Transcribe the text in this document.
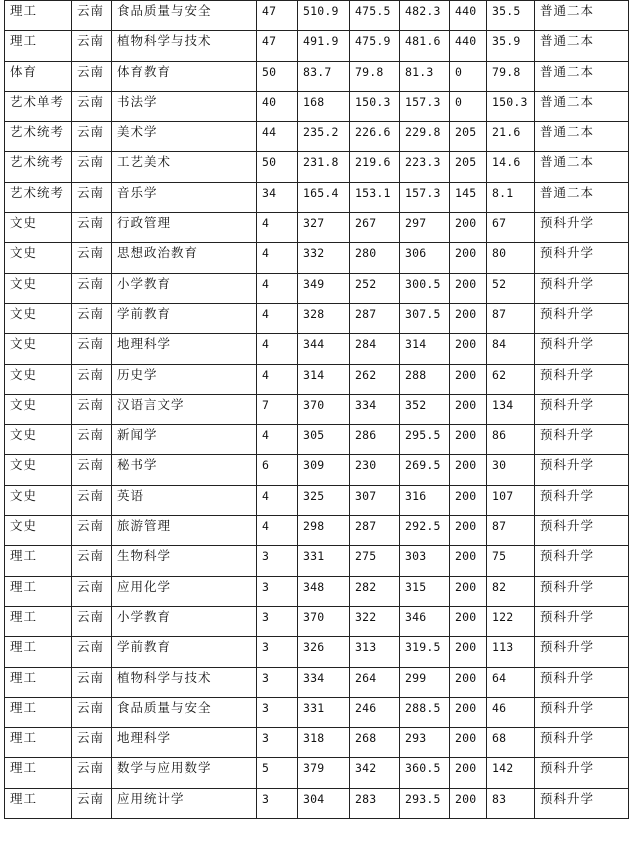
理工	云南	食品质量与安全	47	510.9	475.5	482.3	440	35.5	普通二本
理工	云南	植物科学与技术	47	491.9	475.9	481.6	440	35.9	普通二本
体育	云南	体育教育	50	83.7	79.8	81.3	0	79.8	普通二本
艺术单考	云南	书法学	40	168	150.3	157.3	0	150.3	普通二本
艺术统考	云南	美术学	44	235.2	226.6	229.8	205	21.6	普通二本
艺术统考	云南	工艺美术	50	231.8	219.6	223.3	205	14.6	普通二本
艺术统考	云南	音乐学	34	165.4	153.1	157.3	145	8.1	普通二本
文史	云南	行政管理	4	327	267	297	200	67	预科升学
文史	云南	思想政治教育	4	332	280	306	200	80	预科升学
文史	云南	小学教育	4	349	252	300.5	200	52	预科升学
文史	云南	学前教育	4	328	287	307.5	200	87	预科升学
文史	云南	地理科学	4	344	284	314	200	84	预科升学
文史	云南	历史学	4	314	262	288	200	62	预科升学
文史	云南	汉语言文学	7	370	334	352	200	134	预科升学
文史	云南	新闻学	4	305	286	295.5	200	86	预科升学
文史	云南	秘书学	6	309	230	269.5	200	30	预科升学
文史	云南	英语	4	325	307	316	200	107	预科升学
文史	云南	旅游管理	4	298	287	292.5	200	87	预科升学
理工	云南	生物科学	3	331	275	303	200	75	预科升学
理工	云南	应用化学	3	348	282	315	200	82	预科升学
理工	云南	小学教育	3	370	322	346	200	122	预科升学
理工	云南	学前教育	3	326	313	319.5	200	113	预科升学
理工	云南	植物科学与技术	3	334	264	299	200	64	预科升学
理工	云南	食品质量与安全	3	331	246	288.5	200	46	预科升学
理工	云南	地理科学	3	318	268	293	200	68	预科升学
理工	云南	数学与应用数学	5	379	342	360.5	200	142	预科升学
理工	云南	应用统计学	3	304	283	293.5	200	83	预科升学
